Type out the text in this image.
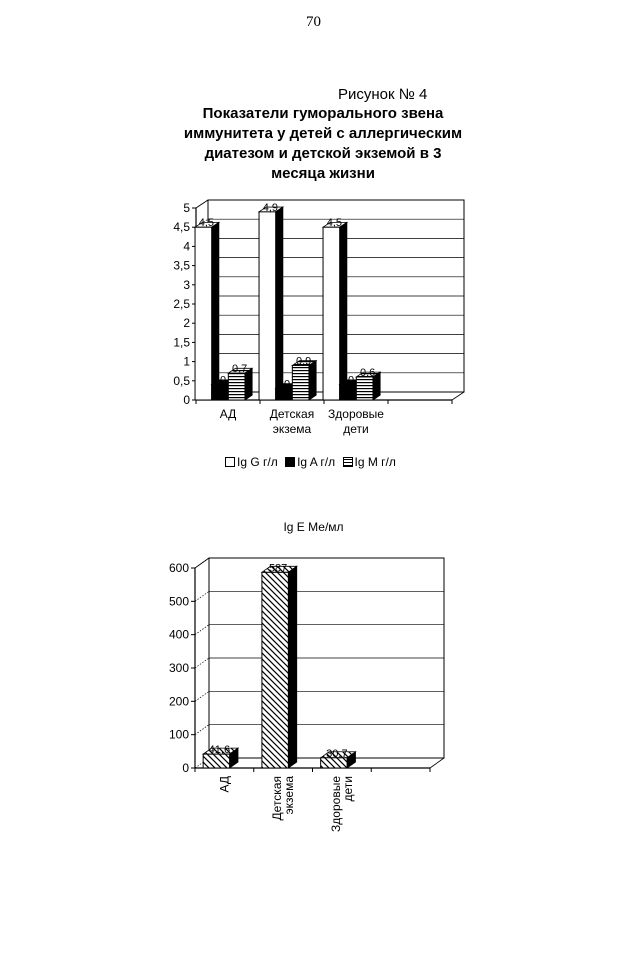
70
Рисунок № 4
Показатели гуморального звена
иммунитета у детей с аллергическим
диатезом и детской экземой в 3
месяца жизни
0
0,5
1
1,5
2
2,5
3
3,5
4
4,5
5
4,5
0
0,7
АД
4,9
0
0,9
Детская
экзема
4,5
0
0,6
Здоровые
дети
Ig G г/л Ig A г/л Ig M г/л
Ig E Ме/мл
0
100
200
300
400
500
600
41,6
АД
587
Детская
экзема
30,7
Здоровые
дети
